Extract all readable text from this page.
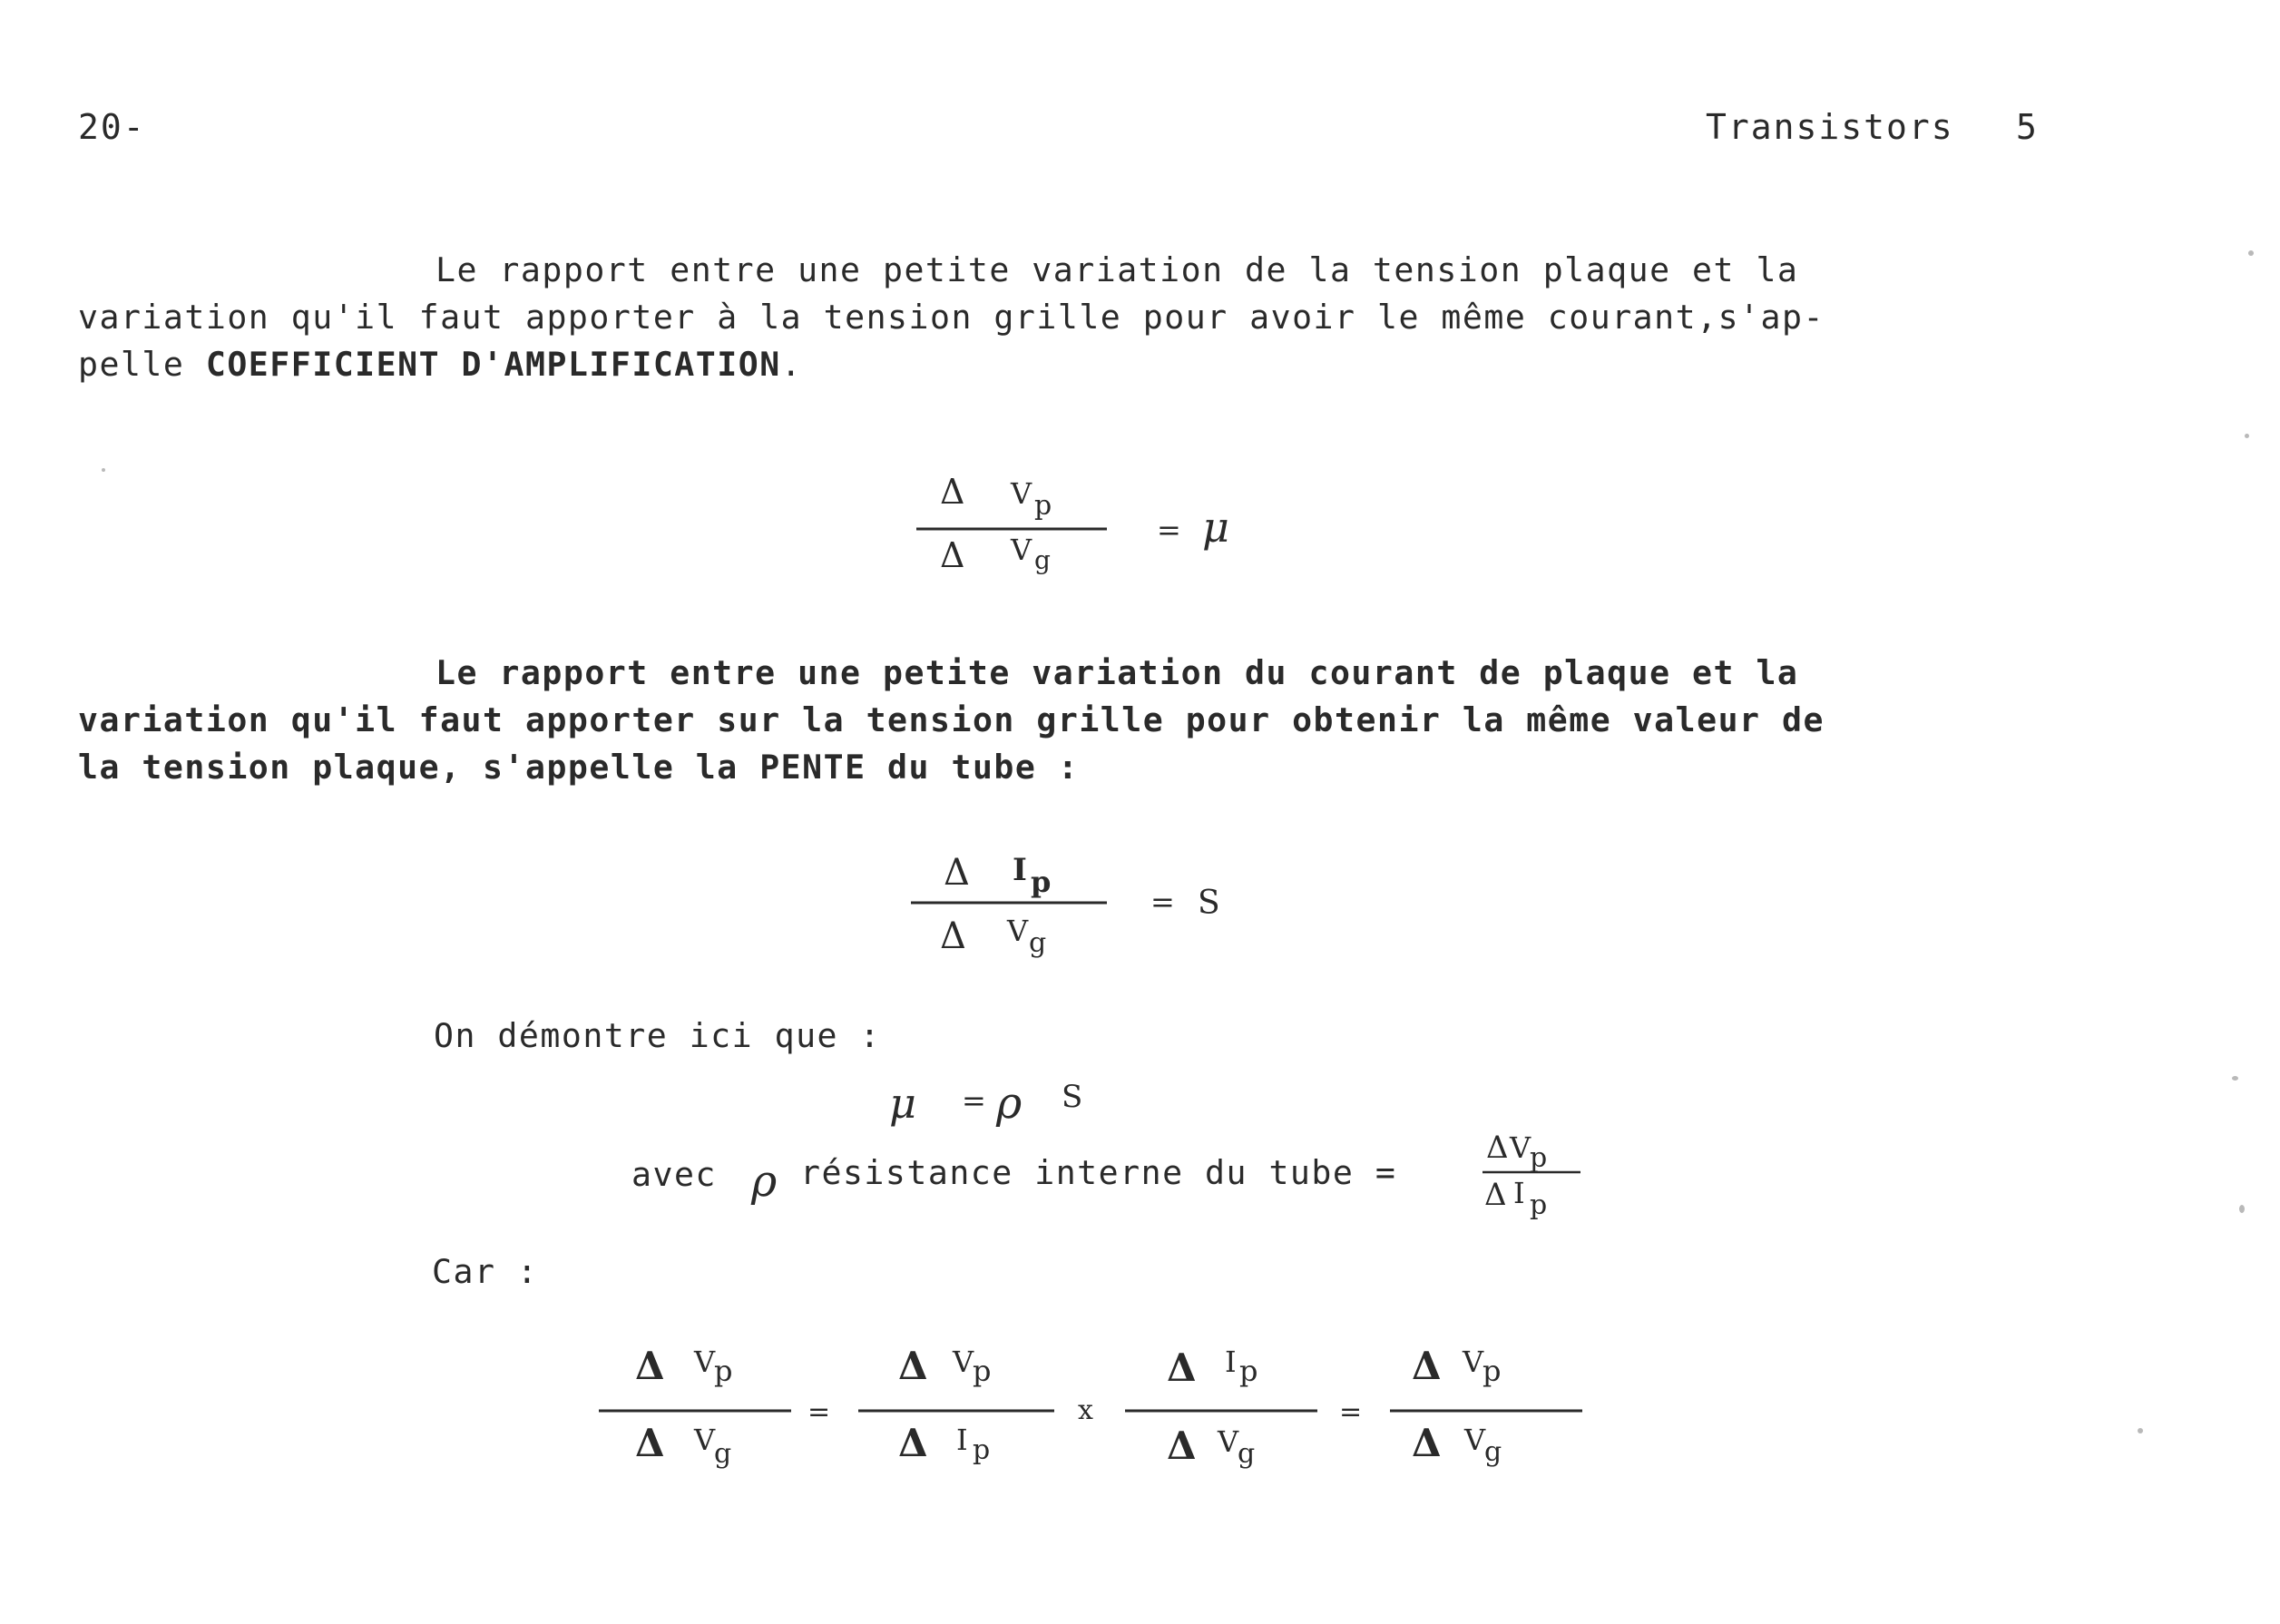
20-	Transistors 5
Le rapport entre une petite variation de la tension plaque et la
variation qu'il faut apporter à la tension grille pour avoir le même courant,s'ap-
pelle COEFFICIENT D'AMPLIFICATION.
Δ V p
Δ V g
= μ
Le rapport entre une petite variation du courant de plaque et la
variation qu'il faut apporter sur la tension grille pour obtenir la même valeur de
la tension plaque, s'appelle la PENTE du tube :
Δ I p
Δ V g
= S
On démontre ici que :
μ = ρ S
avec ρ résistance interne du tube =
Δ V
p
Δ I p
Car :
Δ V
p
Δ V
g
=
Δ V
p
Δ I p
x
Δ I p
Δ V
g
=
Δ V
p
Δ V
g
